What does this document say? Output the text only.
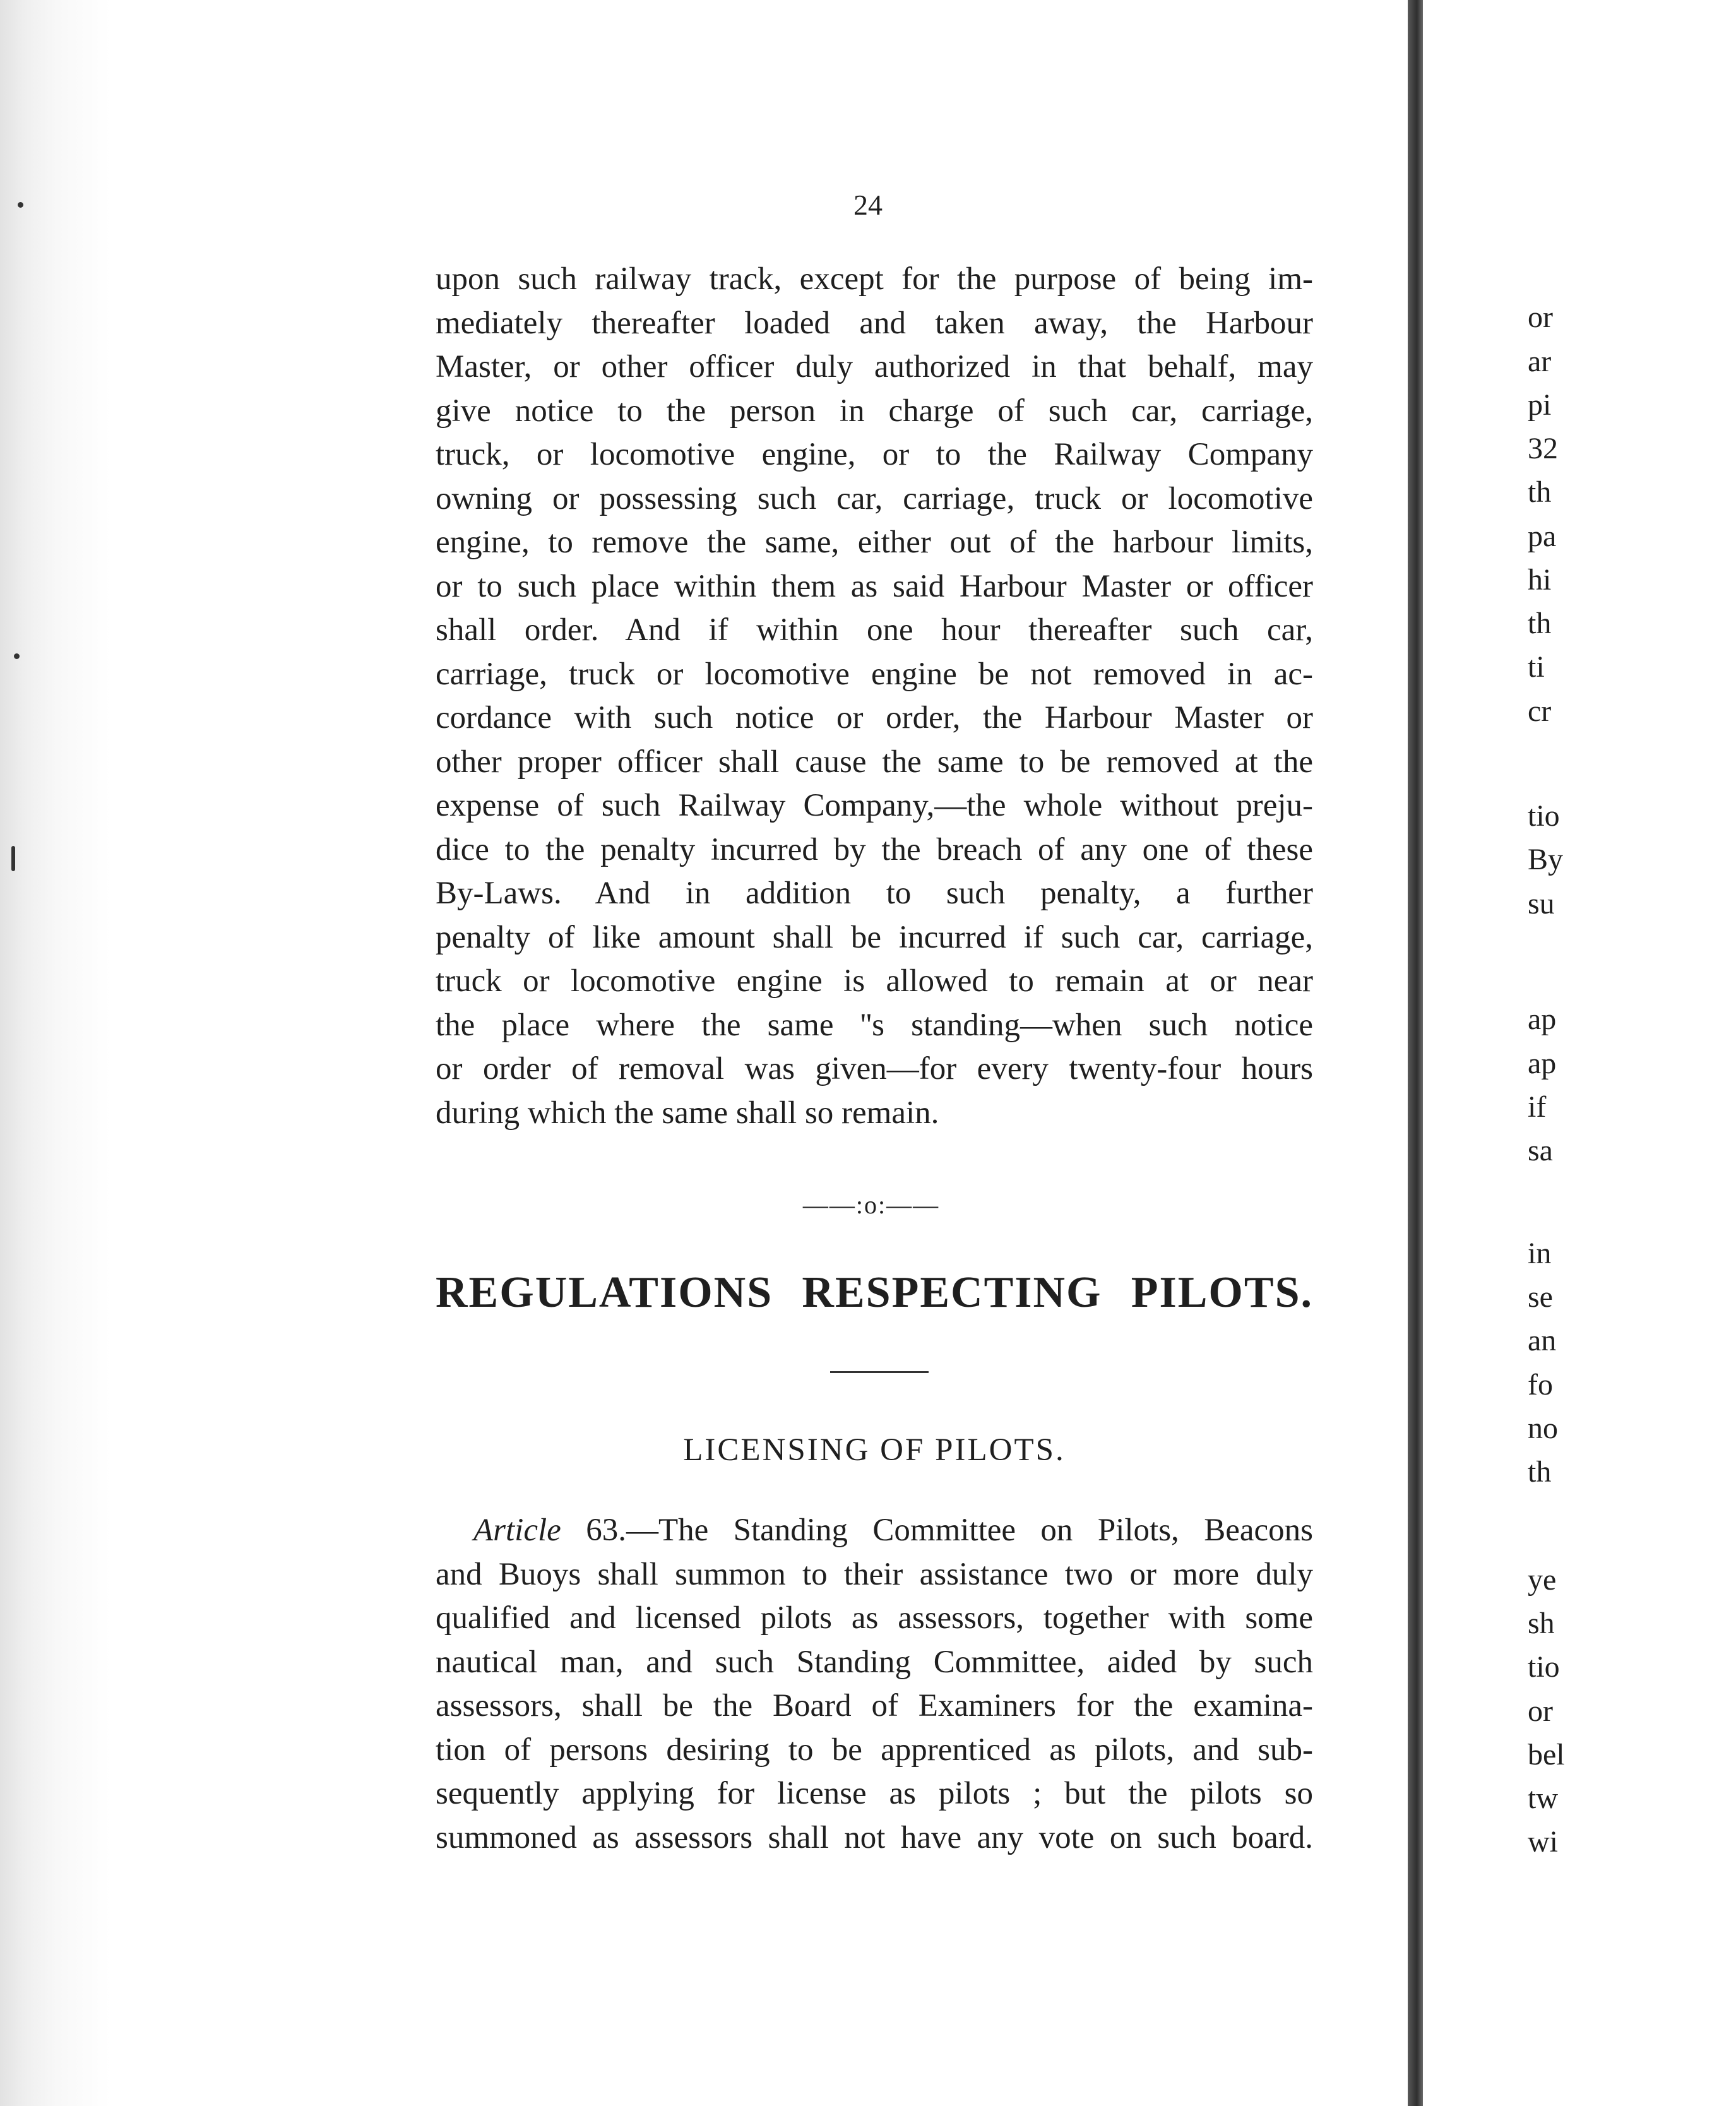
24
upon such railway track, except for the purpose of being im-
mediately thereafter loaded and taken away, the Harbour
Master, or other officer duly authorized in that behalf, may
give notice to the person in charge of such car, carriage,
truck, or locomotive engine, or to the Railway Company
owning or possessing such car, carriage, truck or locomotive
engine, to remove the same, either out of the harbour limits,
or to such place within them as said Harbour Master or officer
shall order. And if within one hour thereafter such car,
carriage, truck or locomotive engine be not removed in ac-
cordance with such notice or order, the Harbour Master or
other proper officer shall cause the same to be removed at the
expense of such Railway Company,—the whole without preju-
dice to the penalty incurred by the breach of any one of these
By-Laws. And in addition to such penalty, a further
penalty of like amount shall be incurred if such car, carriage,
truck or locomotive engine is allowed to remain at or near
the place where the same ''s standing—when such notice
or order of removal was given—for every twenty-four hours
during which the same shall so remain.
——:o:——
REGULATIONS RESPECTING PILOTS.
LICENSING OF PILOTS.
Article 63.—The Standing Committee on Pilots, Beacons
and Buoys shall summon to their assistance two or more duly
qualified and licensed pilots as assessors, together with some
nautical man, and such Standing Committee, aided by such
assessors, shall be the Board of Examiners for the examina-
tion of persons desiring to be apprenticed as pilots, and sub-
sequently applying for license as pilots ; but the pilots so
summoned as assessors shall not have any vote on such board.
or
ar
pi
32
th
pa
hi
th
ti
cr
tio
By
su
ap
ap
if
sa
in
se
an
fo
no
th
ye
sh
tio
or
bel
tw
wi
